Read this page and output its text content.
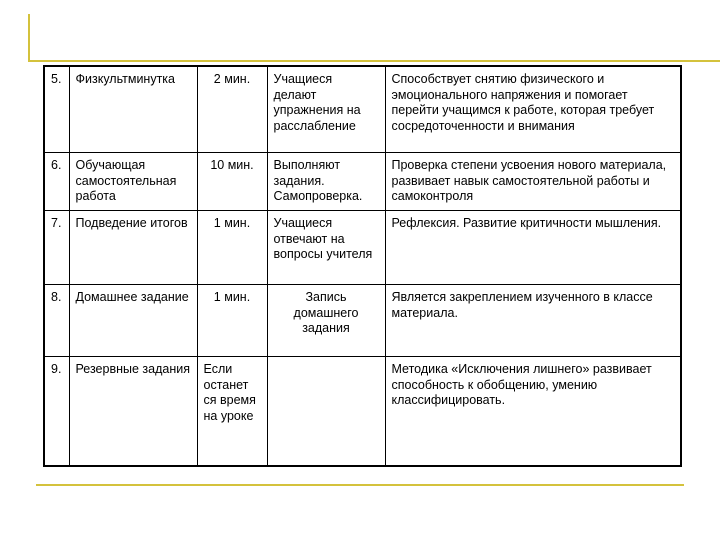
5.	Физкультминутка	2 мин.	Учащиеся делают упражнения на расслабление	Способствует снятию физического и эмоционального напряжения и помогает перейти учащимся к работе, которая требует сосредоточенности и внимания
6.	Обучающая самостоятельная работа	10 мин.	Выполняют задания. Самопроверка.	Проверка степени усвоения нового материала, развивает навык самостоятельной работы и самоконтроля
7.	Подведение итогов	1 мин.	Учащиеся отвечают на вопросы учителя	Рефлексия. Развитие критичности мышления.
8.	Домашнее задание	1 мин.	Запись домашнего задания	Является закреплением изученного в классе материала.
9.	Резервные задания	Если останет ся время на уроке		Методика «Исключения лишнего» развивает способность к обобщению, умению классифицировать.
